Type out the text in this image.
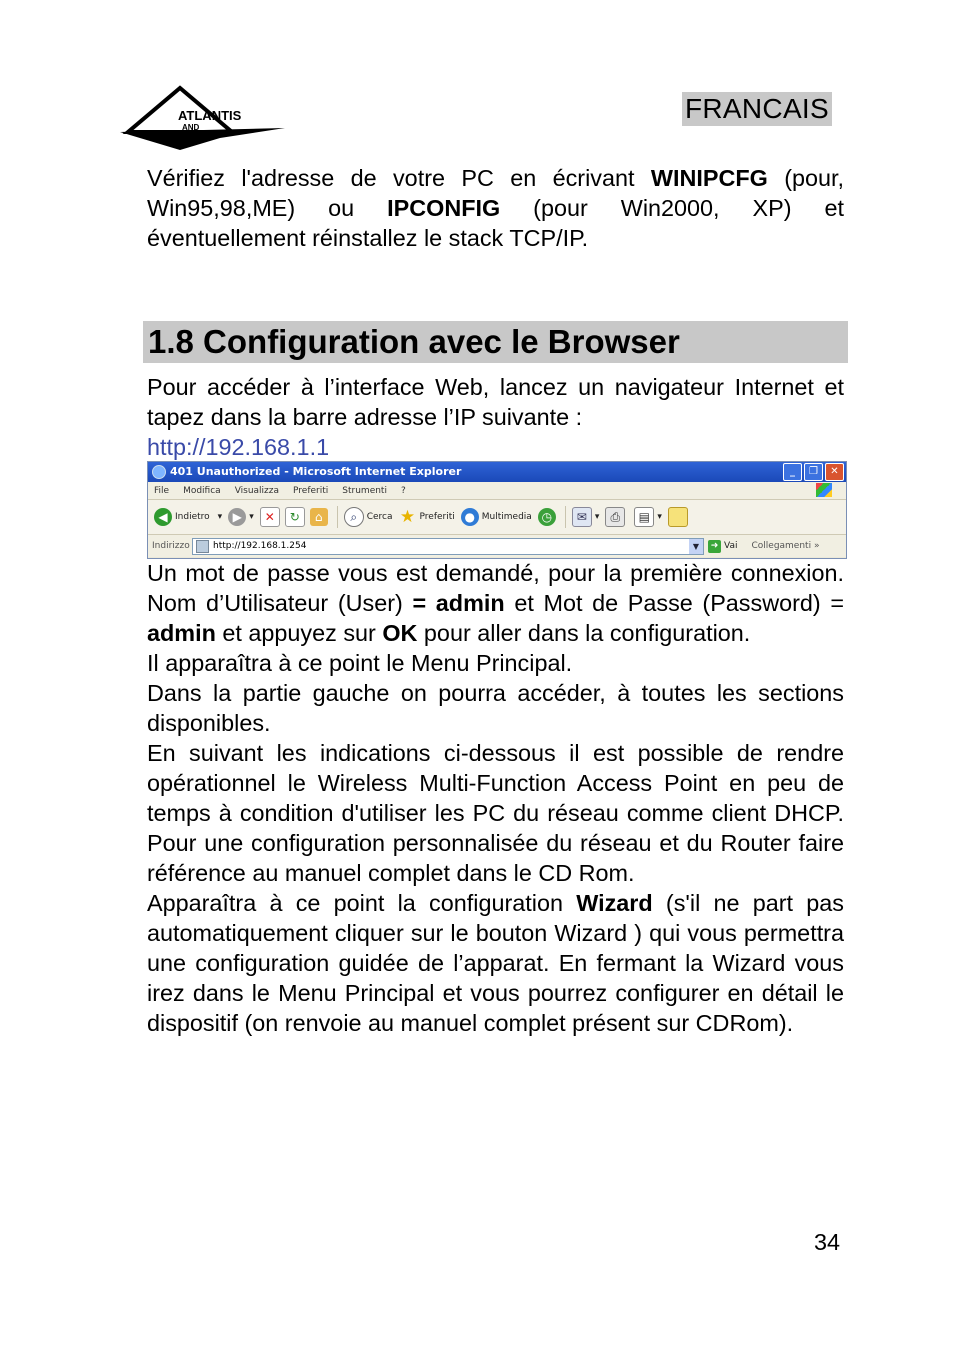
ATLANTIS
AND
FRANCAIS

Vérifiez l'adresse de votre PC en écrivant WINIPCFG (pour, Win95,98,ME) ou IPCONFIG (pour Win2000, XP) et éventuellement réinstallez le stack TCP/IP.

1.8 Configuration avec le Browser

Pour accéder à l’interface Web, lancez un navigateur Internet et tapez dans la barre adresse l’IP suivante :

http://192.168.1.1

401 Unauthorized - Microsoft Internet Explorer	_	❐	✕
File Modifica Visualizza Preferiti Strumenti ?
◀ Indietro ▾ ▶ ▾ ✕	↻	⌂	⌕	Cerca ★ Preferiti ● Multimedia ◷	✉ ▾ ⎙	▤ ▾
Indirizzo	http://192.168.1.254	▼	➜ Vai Collegamenti »

Un mot de passe vous est demandé, pour la première connexion. Nom d’Utilisateur (User) = admin et Mot de Passe (Password) = admin et appuyez sur OK pour aller dans la configuration.

Il apparaîtra à ce point le Menu Principal.

Dans la partie gauche on pourra accéder, à toutes les sections disponibles.

En suivant les indications ci-dessous il est possible de rendre opérationnel le Wireless Multi-Function Access Point en peu de temps à condition d'utiliser les PC du réseau comme client DHCP. Pour une configuration personnalisée du réseau et du Router faire référence au manuel complet dans le CD Rom.

Apparaîtra à ce point la configuration Wizard (s'il ne part pas automatiquement cliquer sur le bouton Wizard ) qui vous permettra une configuration guidée de l’apparat. En fermant la Wizard vous irez dans le Menu Principal et vous pourrez configurer en détail le dispositif (on renvoie au manuel complet présent sur CDRom).

34
